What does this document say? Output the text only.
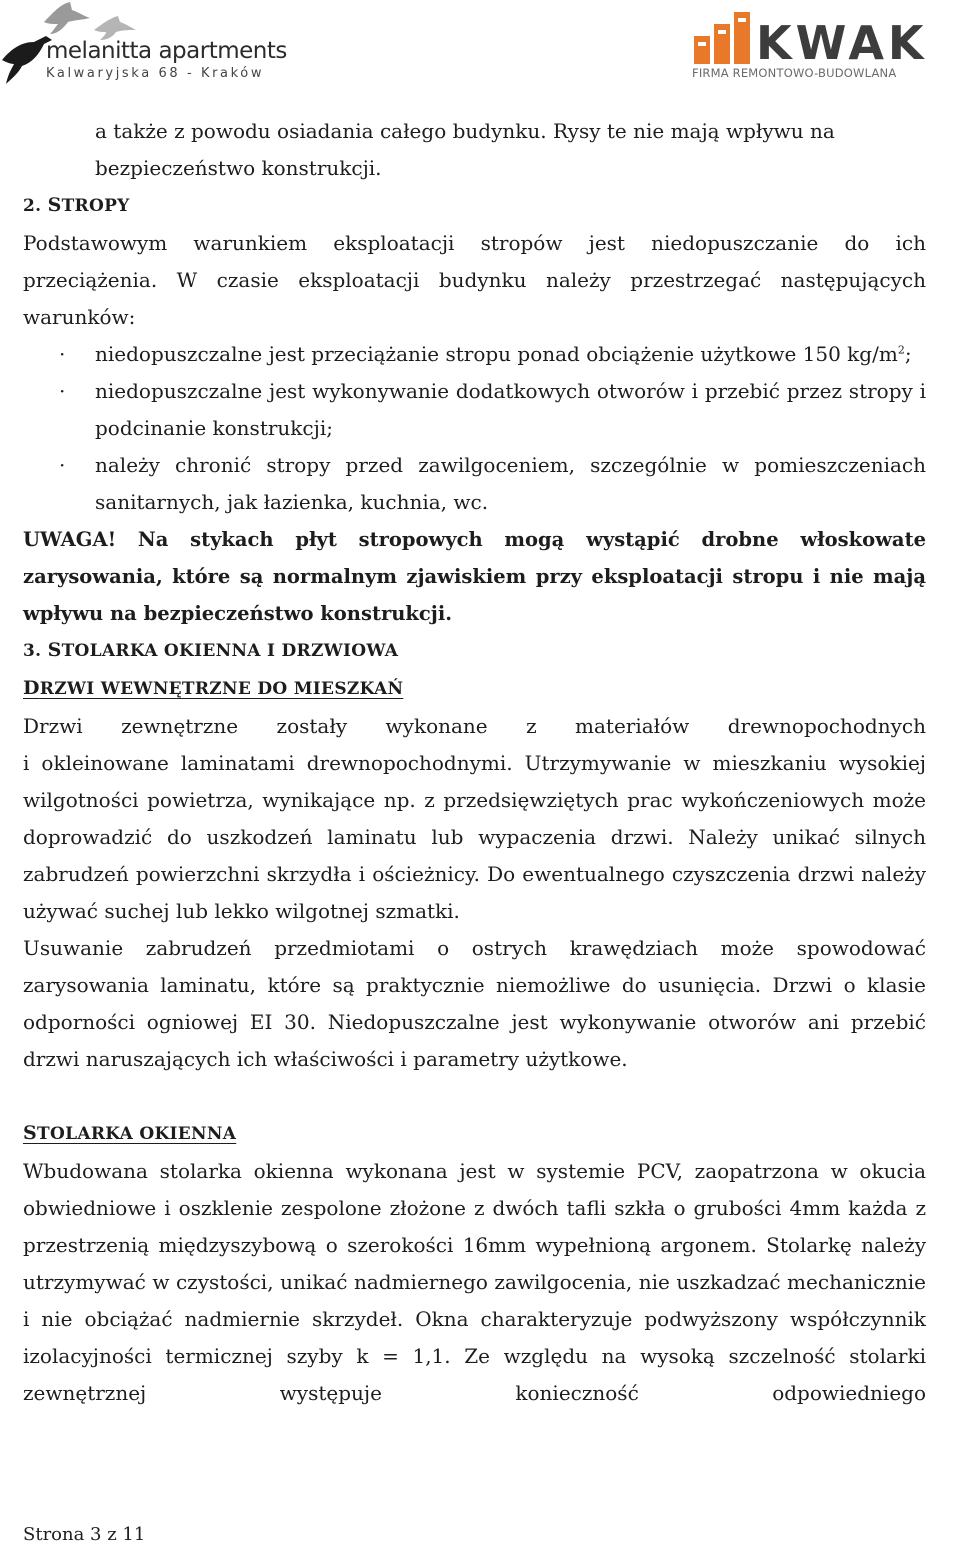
melanitta apartments
Kalwaryjska 68 - Kraków
KWAK
FIRMA REMONTOWO-BUDOWLANA

a także z powodu osiadania całego budynku. Rysy te nie mają wpływu na
bezpieczeństwo konstrukcji.

2. STROPY

Podstawowym warunkiem eksploatacji stropów jest niedopuszczanie do ich przeciążenia. W czasie eksploatacji budynku należy przestrzegać następujących warunków:

· niedopuszczalne jest przeciążanie stropu ponad obciążenie użytkowe 150 $kg/m^2$;
· niedopuszczalne jest wykonywanie dodatkowych otworów i przebić przez stropy i podcinanie konstrukcji;
· należy chronić stropy przed zawilgoceniem, szczególnie w pomieszczeniach sanitarnych, jak łazienka, kuchnia, wc.

UWAGA! Na stykach płyt stropowych mogą wystąpić drobne włoskowate zarysowania, które są normalnym zjawiskiem przy eksploatacji stropu i nie mają wpływu na bezpieczeństwo konstrukcji.

3. STOLARKA OKIENNA I DRZWIOWA

DRZWI WEWNĘTRZNE DO MIESZKAŃ

Drzwi zewnętrzne zostały wykonane z materiałów drewnopochodnych

i okleinowane laminatami drewnopochodnymi. Utrzymywanie w mieszkaniu wysokiej wilgotności powietrza, wynikające np. z przedsięwziętych prac wykończeniowych może doprowadzić do uszkodzeń laminatu lub wypaczenia drzwi. Należy unikać silnych zabrudzeń powierzchni skrzydła i ościeżnicy. Do ewentualnego czyszczenia drzwi należy używać suchej lub lekko wilgotnej szmatki.

Usuwanie zabrudzeń przedmiotami o ostrych krawędziach może spowodować zarysowania laminatu, które są praktycznie niemożliwe do usunięcia. Drzwi o klasie odporności ogniowej EI 30. Niedopuszczalne jest wykonywanie otworów ani przebić drzwi naruszających ich właściwości i parametry użytkowe.

STOLARKA OKIENNA

Wbudowana stolarka okienna wykonana jest w systemie PCV, zaopatrzona w okucia obwiedniowe i oszklenie zespolone złożone z dwóch tafli szkła o grubości 4mm każda z przestrzenią międzyszybową o szerokości 16mm wypełnioną argonem. Stolarkę należy utrzymywać w czystości, unikać nadmiernego zawilgocenia, nie uszkadzać mechanicznie i nie obciążać nadmiernie skrzydeł. Okna charakteryzuje podwyższony współczynnik izolacyjności termicznej szyby k = 1,1. Ze względu na wysoką szczelność stolarki zewnętrznej występuje konieczność odpowiedniego

Strona 3 z 11
